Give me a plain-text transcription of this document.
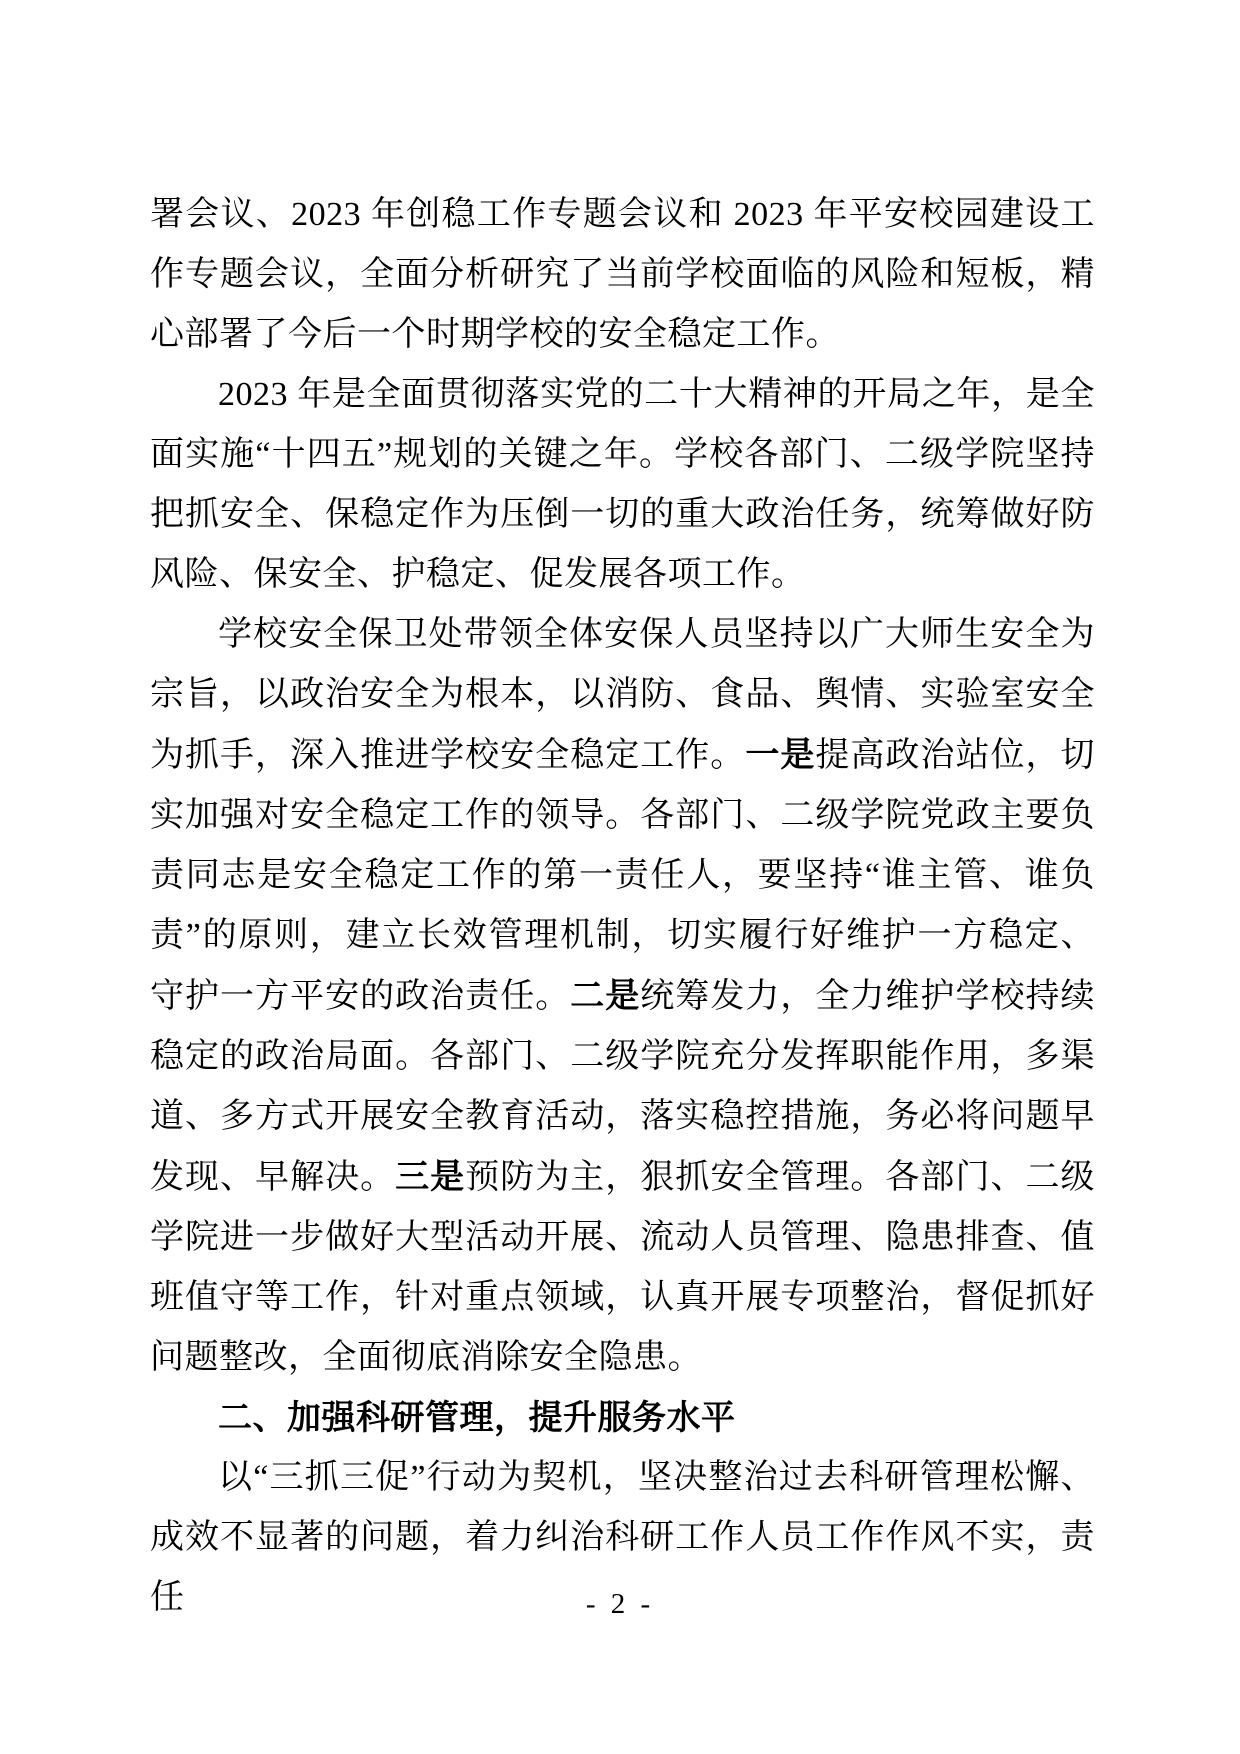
署会议、2023 年创稳工作专题会议和 2023 年平安校园建设工作专题会议，全面分析研究了当前学校面临的风险和短板，精心部署了今后一个时期学校的安全稳定工作。

2023 年是全面贯彻落实党的二十大精神的开局之年，是全面实施“十四五”规划的关键之年。学校各部门、二级学院坚持把抓安全、保稳定作为压倒一切的重大政治任务，统筹做好防风险、保安全、护稳定、促发展各项工作。

学校安全保卫处带领全体安保人员坚持以广大师生安全为宗旨，以政治安全为根本，以消防、食品、舆情、实验室安全为抓手，深入推进学校安全稳定工作。一是提高政治站位，切实加强对安全稳定工作的领导。各部门、二级学院党政主要负责同志是安全稳定工作的第一责任人，要坚持“谁主管、谁负责”的原则，建立长效管理机制，切实履行好维护一方稳定、守护一方平安的政治责任。二是统筹发力，全力维护学校持续稳定的政治局面。各部门、二级学院充分发挥职能作用，多渠道、多方式开展安全教育活动，落实稳控措施，务必将问题早发现、早解决。三是预防为主，狠抓安全管理。各部门、二级学院进一步做好大型活动开展、流动人员管理、隐患排查、值班值守等工作，针对重点领域，认真开展专项整治，督促抓好问题整改，全面彻底消除安全隐患。

二、加强科研管理，提升服务水平

以“三抓三促”行动为契机，坚决整治过去科研管理松懈、成效不显著的问题，着力纠治科研工作人员工作作风不实，责任	- 2 -
